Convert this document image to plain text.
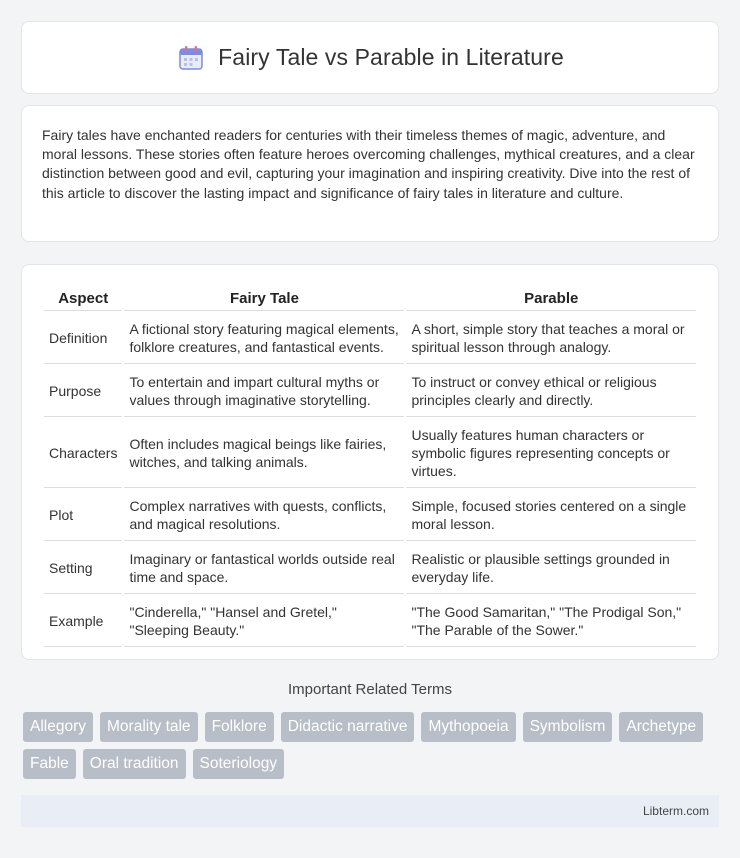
Fairy Tale vs Parable in Literature

Fairy tales have enchanted readers for centuries with their timeless themes of magic, adventure, and moral lessons. These stories often feature heroes overcoming challenges, mythical creatures, and a clear distinction between good and evil, capturing your imagination and inspiring creativity. Dive into the rest of this article to discover the lasting impact and significance of fairy tales in literature and culture.

Aspect	Fairy Tale	Parable
Definition	A fictional story featuring magical elements, folklore creatures, and fantastical events.	A short, simple story that teaches a moral or spiritual lesson through analogy.
Purpose	To entertain and impart cultural myths or values through imaginative storytelling.	To instruct or convey ethical or religious principles clearly and directly.
Characters	Often includes magical beings like fairies, witches, and talking animals.	Usually features human characters or symbolic figures representing concepts or virtues.
Plot	Complex narratives with quests, conflicts, and magical resolutions.	Simple, focused stories centered on a single moral lesson.
Setting	Imaginary or fantastical worlds outside real time and space.	Realistic or plausible settings grounded in everyday life.
Example	"Cinderella," "Hansel and Gretel," "Sleeping Beauty."	"The Good Samaritan," "The Prodigal Son," "The Parable of the Sower."
Important Related Terms
Allegory	Morality tale	Folklore	Didactic narrative	Mythopoeia	Symbolism	Archetype
Fable	Oral tradition	Soteriology
Libterm.com
